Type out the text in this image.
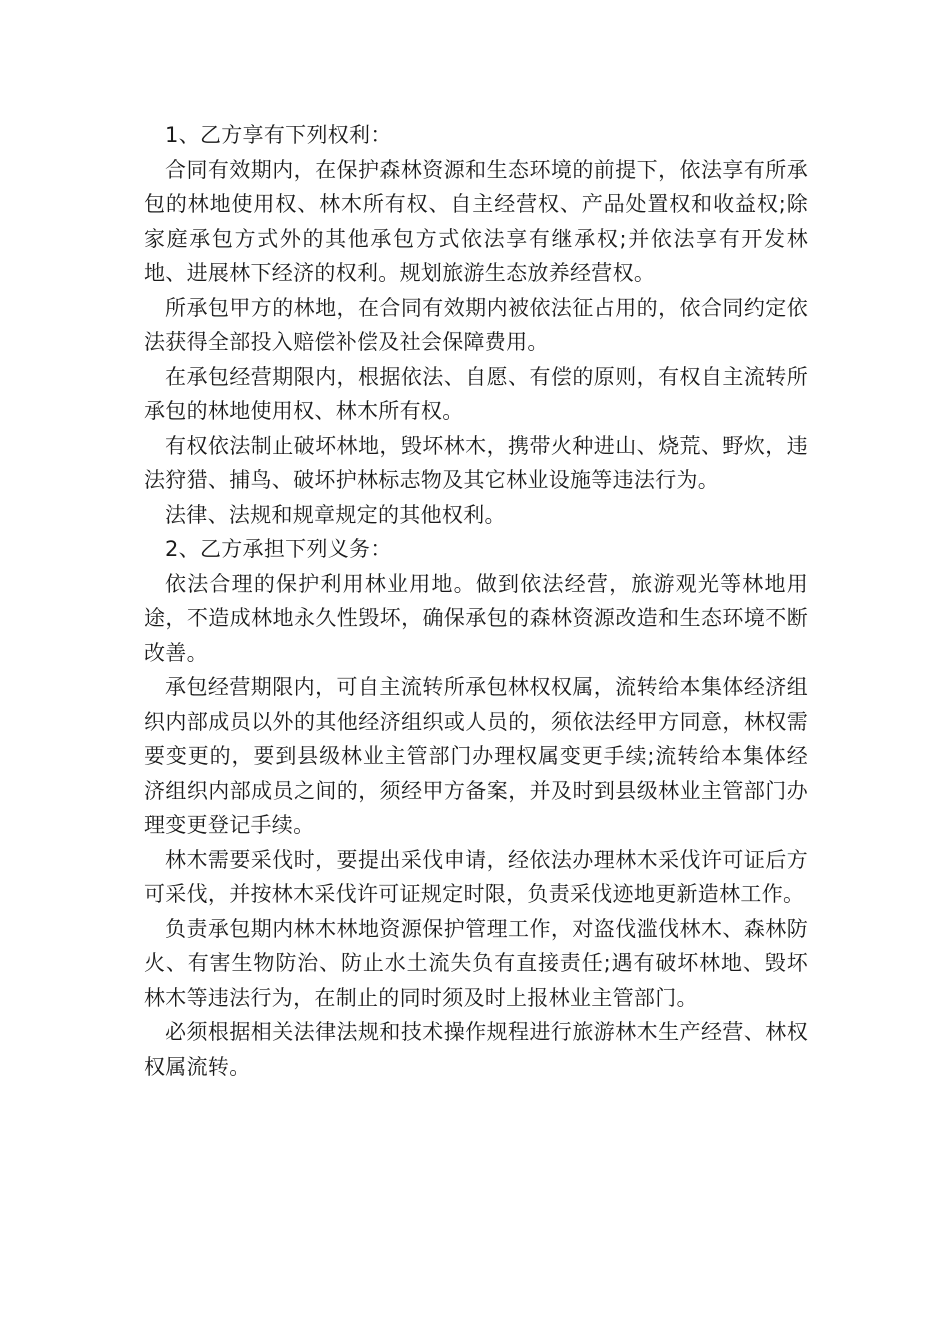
1、乙方享有下列权利：

合同有效期内，在保护森林资源和生态环境的前提下，依法享有所承包的林地使用权、林木所有权、自主经营权、产品处置权和收益权;除家庭承包方式外的其他承包方式依法享有继承权;并依法享有开发林地、进展林下经济的权利。规划旅游生态放养经营权。

所承包甲方的林地，在合同有效期内被依法征占用的，依合同约定依法获得全部投入赔偿补偿及社会保障费用。

在承包经营期限内，根据依法、自愿、有偿的原则，有权自主流转所承包的林地使用权、林木所有权。

有权依法制止破坏林地，毁坏林木，携带火种进山、烧荒、野炊，违法狩猎、捕鸟、破坏护林标志物及其它林业设施等违法行为。

法律、法规和规章规定的其他权利。

2、乙方承担下列义务：

依法合理的保护利用林业用地。做到依法经营，旅游观光等林地用途，不造成林地永久性毁坏，确保承包的森林资源改造和生态环境不断改善。

承包经营期限内，可自主流转所承包林权权属，流转给本集体经济组织内部成员以外的其他经济组织或人员的，须依法经甲方同意，林权需要变更的，要到县级林业主管部门办理权属变更手续;流转给本集体经济组织内部成员之间的，须经甲方备案，并及时到县级林业主管部门办理变更登记手续。

林木需要采伐时，要提出采伐申请，经依法办理林木采伐许可证后方可采伐，并按林木采伐许可证规定时限，负责采伐迹地更新造林工作。

负责承包期内林木林地资源保护管理工作，对盗伐滥伐林木、森林防火、有害生物防治、防止水土流失负有直接责任;遇有破坏林地、毁坏林木等违法行为，在制止的同时须及时上报林业主管部门。

必须根据相关法律法规和技术操作规程进行旅游林木生产经营、林权权属流转。
